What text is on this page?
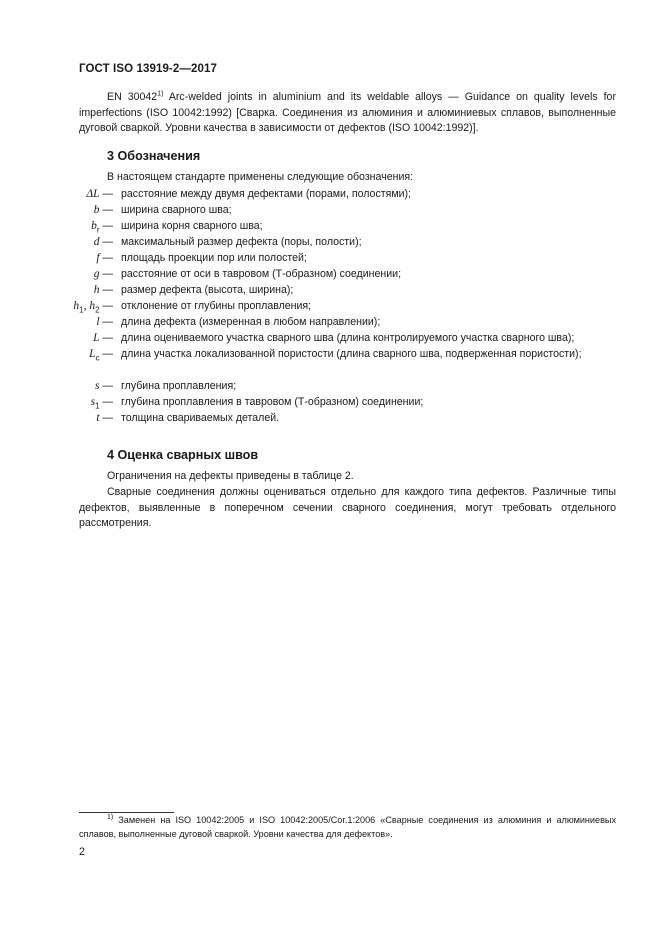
ГОСТ ISO 13919-2—2017
EN 30042$^{1)}$ Arc-welded joints in aluminium and its weldable alloys — Guidance on quality levels for imperfections (ISO 10042:1992) [Сварка. Соединения из алюминия и алюминиевых сплавов, выполненные дуговой сваркой. Уровни качества в зависимости от дефектов (ISO 10042:1992)].
3 Обозначения
В настоящем стандарте применены следующие обозначения:
ΔL — расстояние между двумя дефектами (порами, полостями);
b — ширина сварного шва;
$b_r$ — ширина корня сварного шва;
d — максимальный размер дефекта (поры, полости);
f — площадь проекции пор или полостей;
g — расстояние от оси в тавровом (Т-образном) соединении;
h — размер дефекта (высота, ширина);
$h_1$, $h_2$ — отклонение от глубины проплавления;
l — длина дефекта (измеренная в любом направлении);
L — длина оцениваемого участка сварного шва (длина контролируемого участка сварного шва);
$L_c$ — длина участка локализованной пористости (длина сварного шва, подверженная пористости);
s — глубина проплавления;
$s_1$ — глубина проплавления в тавровом (Т-образном) соединении;
t — толщина свариваемых деталей.
4 Оценка сварных швов
Ограничения на дефекты приведены в таблице 2.
Сварные соединения должны оцениваться отдельно для каждого типа дефектов. Различные типы дефектов, выявленные в поперечном сечении сварного соединения, могут требовать отдельного рассмотрения.
$^{1)}$ Заменен на ISO 10042:2005 и ISO 10042:2005/Cor.1:2006 «Сварные соединения из алюминия и алюминиевых сплавов, выполненные дуговой сваркой. Уровни качества для дефектов».
2
